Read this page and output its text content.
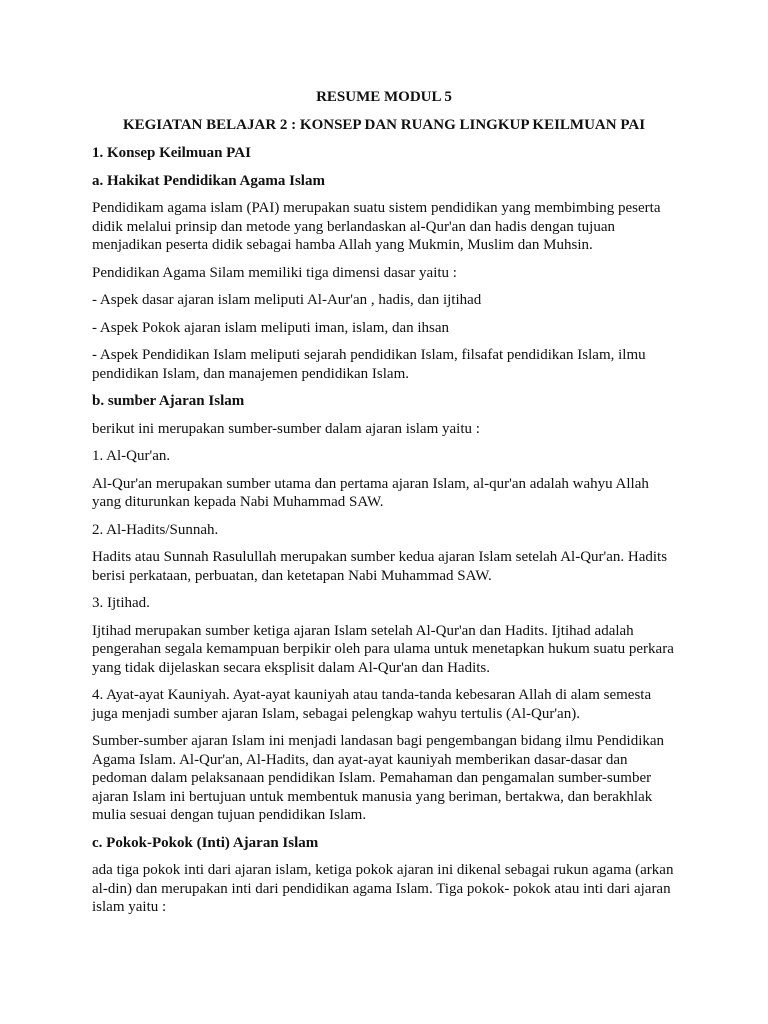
RESUME MODUL 5

KEGIATAN BELAJAR 2 : KONSEP DAN RUANG LINGKUP KEILMUAN PAI

1. Konsep Keilmuan PAI
a. Hakikat Pendidikan Agama Islam

Pendidikam agama islam (PAI) merupakan suatu sistem pendidikan yang membimbing peserta didik melalui prinsip dan metode yang berlandaskan al-Qur'an dan hadis dengan tujuan menjadikan peserta didik sebagai hamba Allah yang Mukmin, Muslim dan Muhsin.

Pendidikan Agama Silam memiliki tiga dimensi dasar yaitu :

- Aspek dasar ajaran islam meliputi Al-Aur'an , hadis, dan ijtihad

- Aspek Pokok ajaran islam meliputi iman, islam, dan ihsan

- Aspek Pendidikan Islam meliputi sejarah pendidikan Islam, filsafat pendidikan Islam, ilmu pendidikan Islam, dan manajemen pendidikan Islam.

b. sumber Ajaran Islam

berikut ini merupakan sumber-sumber dalam ajaran islam yaitu :

1. Al-Qur'an.

Al-Qur'an merupakan sumber utama dan pertama ajaran Islam, al-qur'an adalah wahyu Allah yang diturunkan kepada Nabi Muhammad SAW.

2. Al-Hadits/Sunnah.

Hadits atau Sunnah Rasulullah merupakan sumber kedua ajaran Islam setelah Al-Qur'an. Hadits berisi perkataan, perbuatan, dan ketetapan Nabi Muhammad SAW.

3. Ijtihad.

Ijtihad merupakan sumber ketiga ajaran Islam setelah Al-Qur'an dan Hadits. Ijtihad adalah pengerahan segala kemampuan berpikir oleh para ulama untuk menetapkan hukum suatu perkara yang tidak dijelaskan secara eksplisit dalam Al-Qur'an dan Hadits.

4. Ayat-ayat Kauniyah. Ayat-ayat kauniyah atau tanda-tanda kebesaran Allah di alam semesta juga menjadi sumber ajaran Islam, sebagai pelengkap wahyu tertulis (Al-Qur'an).

Sumber-sumber ajaran Islam ini menjadi landasan bagi pengembangan bidang ilmu Pendidikan Agama Islam. Al-Qur'an, Al-Hadits, dan ayat-ayat kauniyah memberikan dasar-dasar dan pedoman dalam pelaksanaan pendidikan Islam. Pemahaman dan pengamalan sumber-sumber ajaran Islam ini bertujuan untuk membentuk manusia yang beriman, bertakwa, dan berakhlak mulia sesuai dengan tujuan pendidikan Islam.

c. Pokok-Pokok (Inti) Ajaran Islam

ada tiga pokok inti dari ajaran islam, ketiga pokok ajaran ini dikenal sebagai rukun agama (arkan al-din) dan merupakan inti dari pendidikan agama Islam. Tiga pokok- pokok atau inti dari ajaran islam yaitu :
